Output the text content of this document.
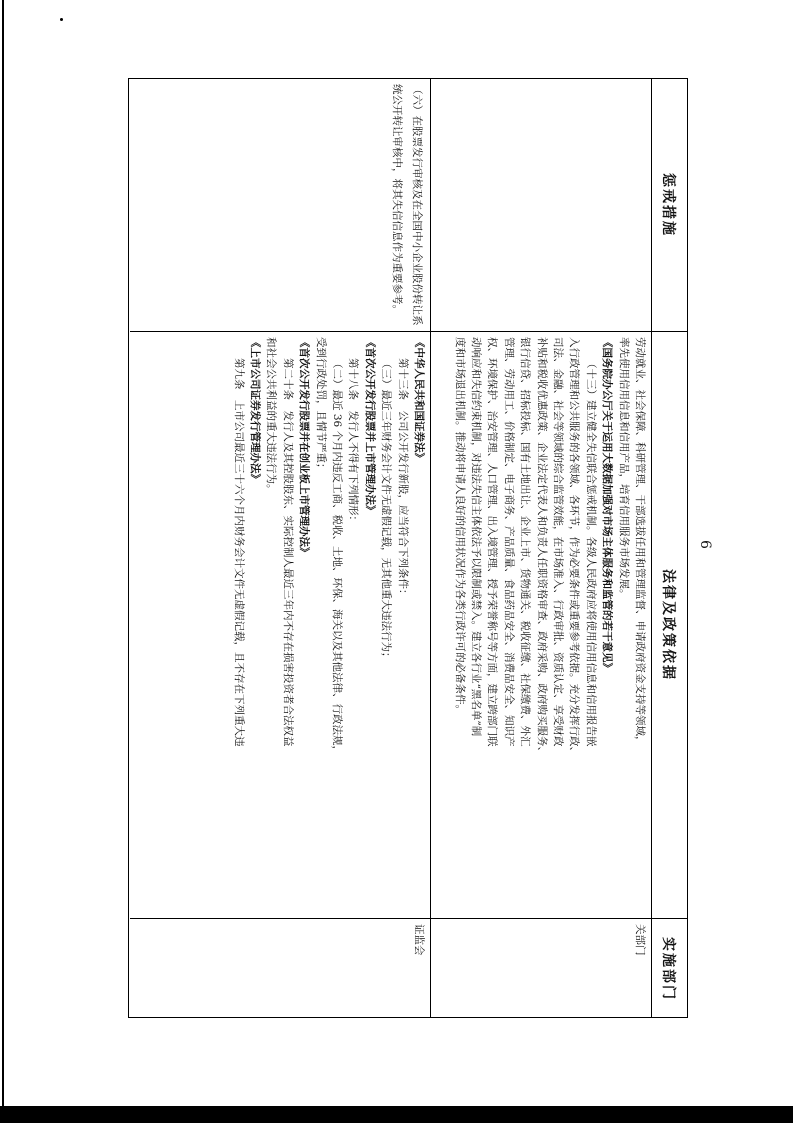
6
惩戒措施
法律及政策依据
实施部门

劳动就业、社会保障、科研管理、干部选拔任用和管理监督、申请政府资金支持等领域，

率先使用信用信息和信用产品，培育信用服务市场发展。

《国务院办公厅关于运用大数据加强对市场主体服务和监管的若干意见》

（十三）建立健全失信联合惩戒机制。各级人民政府应将使用信用信息和信用报告嵌

入行政管理和公共服务的各领域、各环节，作为必要条件或重要参考依据。充分发挥行政、

司法、金融、社会等领域的综合监管效能，在市场准入、行政审批、资质认定、享受财政

补贴和税收优惠政策、企业法定代表人和负责人任职资格审查、政府采购、政府购买服务、

银行信贷、招标投标、国有土地出让、企业上市、货物通关、税收征缴、社保缴费、外汇

管理、劳动用工、价格制定、电子商务、产品质量、食品药品安全、消费品安全、知识产

权、环境保护、治安管理、人口管理、出入境管理、授予荣誉称号等方面，建立跨部门联

动响应和失信约束机制，对违法失信主体依法予以限制或禁入。建立各行业“黑名单”制

度和市场退出机制。推动将申请人良好的信用状况作为各类行政许可的必备条件。

关部门
（六）在股票发行审核及在全国中小企业股份转让系统公开转让审核中，将其失信信息作为重要参考。

《中华人民共和国证券法》

第十三条　公司公开发行新股，应当符合下列条件：

（三）最近三年财务会计文件无虚假记载，无其他重大违法行为；

《首次公开发行股票并上市管理办法》

第十八条　发行人不得有下列情形：

（二）最近 36 个月内违反工商、税收、土地、环保、海关以及其他法律、行政法规，

受到行政处罚，且情节严重；

《首次公开发行股票并在创业板上市管理办法》

第二十条　发行人及其控股股东、实际控制人最近三年内不存在损害投资者合法权益

和社会公共利益的重大违法行为。

《上市公司证券发行管理办法》

第九条　上市公司最近三十六个月内财务会计文件无虚假记载，且不存在下列重大违

证监会
